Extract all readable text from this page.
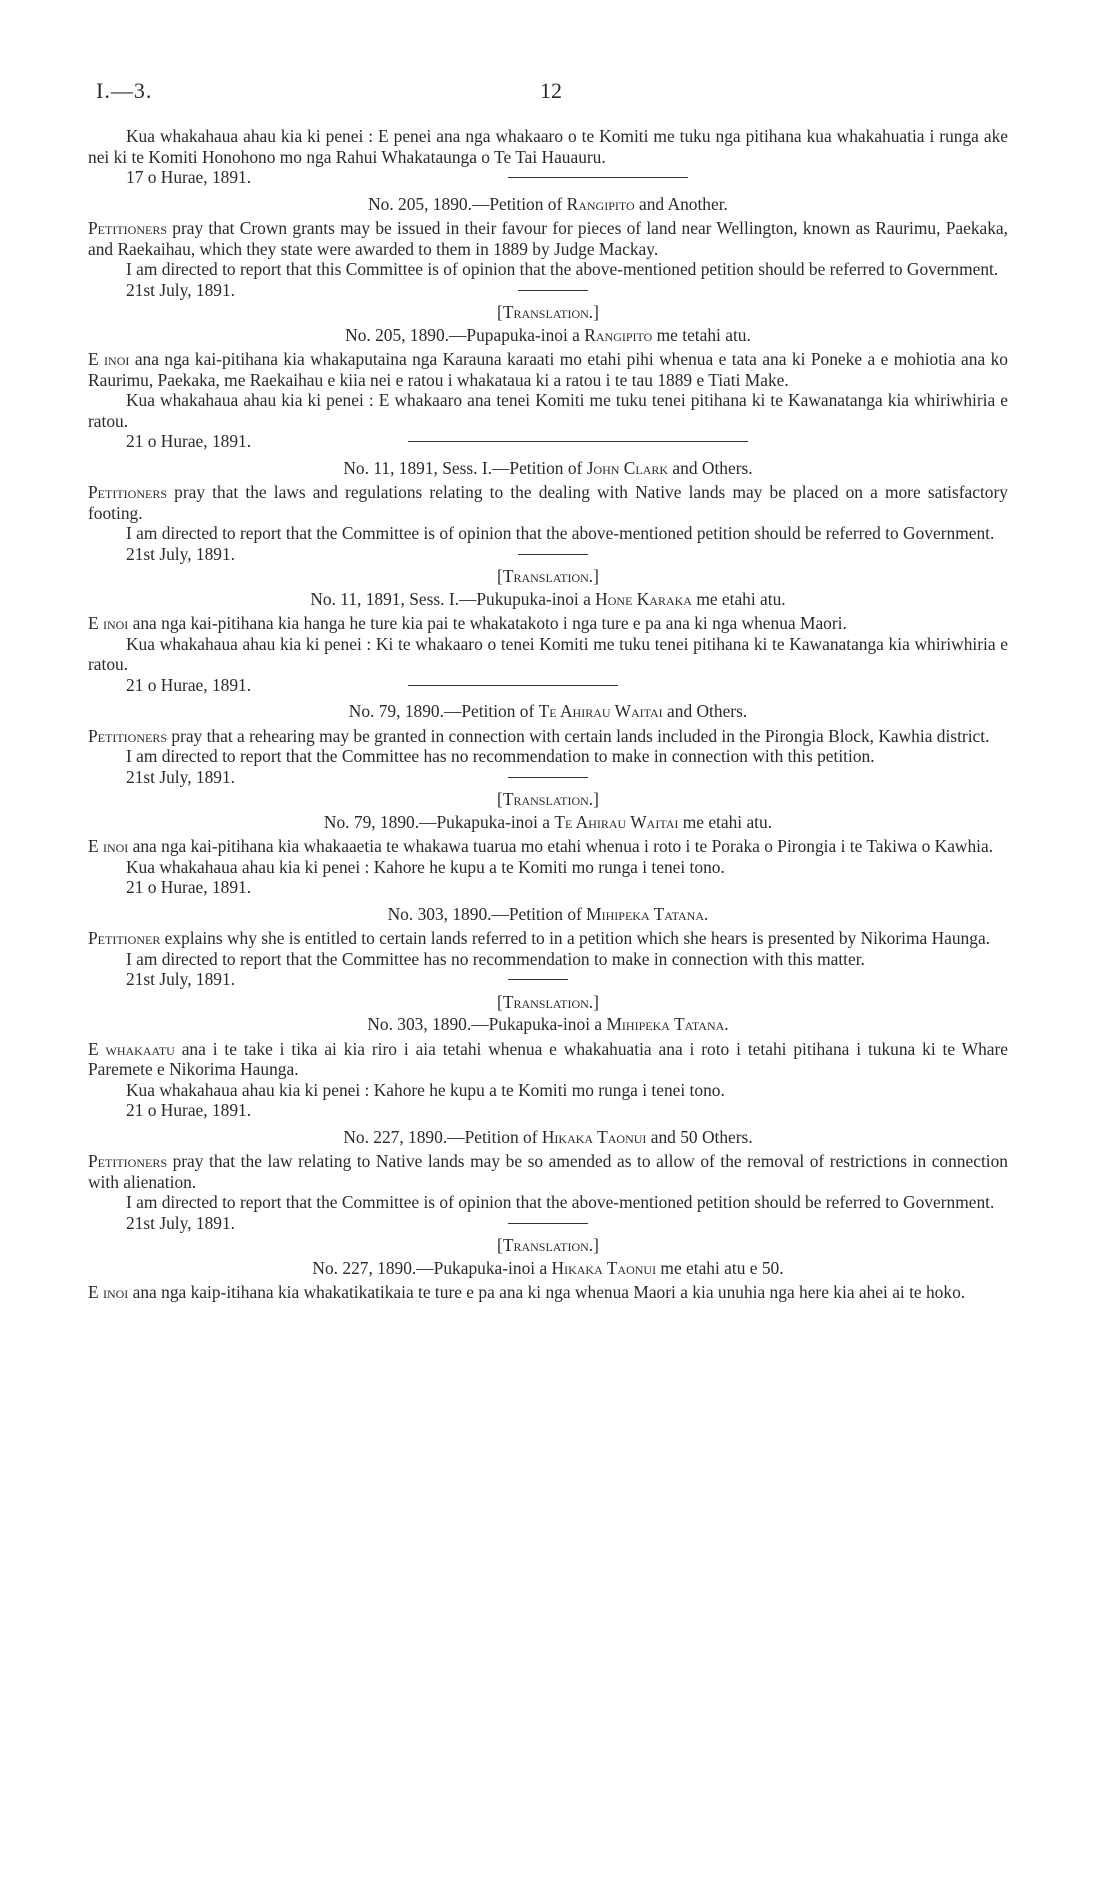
I.—3.	12

Kua whakahaua ahau kia ki penei : E penei ana nga whakaaro o te Komiti me tuku nga pitihana kua whakahuatia i runga ake nei ki te Komiti Honohono mo nga Rahui Whakataunga o Te Tai Hauauru.

17 o Hurae, 1891.

No. 205, 1890.—Petition of Rangipito and Another.

Petitioners pray that Crown grants may be issued in their favour for pieces of land near Wellington, known as Raurimu, Paekaka, and Raekaihau, which they state were awarded to them in 1889 by Judge Mackay.

I am directed to report that this Committee is of opinion that the above-mentioned petition should be referred to Government.

21st July, 1891.

[Translation.]

No. 205, 1890.—Pupapuka-inoi a Rangipito me tetahi atu.

E inoi ana nga kai-pitihana kia whakaputaina nga Karauna karaati mo etahi pihi whenua e tata ana ki Poneke a e mohiotia ana ko Raurimu, Paekaka, me Raekaihau e kiia nei e ratou i whakataua ki a ratou i te tau 1889 e Tiati Make.

Kua whakahaua ahau kia ki penei : E whakaaro ana tenei Komiti me tuku tenei pitihana ki te Kawanatanga kia whiriwhiria e ratou.

21 o Hurae, 1891.

No. 11, 1891, Sess. I.—Petition of John Clark and Others.

Petitioners pray that the laws and regulations relating to the dealing with Native lands may be placed on a more satisfactory footing.

I am directed to report that the Committee is of opinion that the above-mentioned petition should be referred to Government.

21st July, 1891.

[Translation.]

No. 11, 1891, Sess. I.—Pukupuka-inoi a Hone Karaka me etahi atu.

E inoi ana nga kai-pitihana kia hanga he ture kia pai te whakatakoto i nga ture e pa ana ki nga whenua Maori.

Kua whakahaua ahau kia ki penei : Ki te whakaaro o tenei Komiti me tuku tenei pitihana ki te Kawanatanga kia whiriwhiria e ratou.

21 o Hurae, 1891.

No. 79, 1890.—Petition of Te Ahirau Waitai and Others.

Petitioners pray that a rehearing may be granted in connection with certain lands included in the Pirongia Block, Kawhia district.

I am directed to report that the Committee has no recommendation to make in connection with this petition.

21st July, 1891.

[Translation.]

No. 79, 1890.—Pukapuka-inoi a Te Ahirau Waitai me etahi atu.

E inoi ana nga kai-pitihana kia whakaaetia te whakawa tuarua mo etahi whenua i roto i te Poraka o Pirongia i te Takiwa o Kawhia.

Kua whakahaua ahau kia ki penei : Kahore he kupu a te Komiti mo runga i tenei tono.

21 o Hurae, 1891.

No. 303, 1890.—Petition of Mihipeka Tatana.

Petitioner explains why she is entitled to certain lands referred to in a petition which she hears is presented by Nikorima Haunga.

I am directed to report that the Committee has no recommendation to make in connection with this matter.

21st July, 1891.

[Translation.]

No. 303, 1890.—Pukapuka-inoi a Mihipeka Tatana.

E whakaatu ana i te take i tika ai kia riro i aia tetahi whenua e whakahuatia ana i roto i tetahi pitihana i tukuna ki te Whare Paremete e Nikorima Haunga.

Kua whakahaua ahau kia ki penei : Kahore he kupu a te Komiti mo runga i tenei tono.

21 o Hurae, 1891.

No. 227, 1890.—Petition of Hikaka Taonui and 50 Others.

Petitioners pray that the law relating to Native lands may be so amended as to allow of the removal of restrictions in connection with alienation.

I am directed to report that the Committee is of opinion that the above-mentioned petition should be referred to Government.

21st July, 1891.

[Translation.]

No. 227, 1890.—Pukapuka-inoi a Hikaka Taonui me etahi atu e 50.

E inoi ana nga kaip-itihana kia whakatikatikaia te ture e pa ana ki nga whenua Maori a kia unuhia nga here kia ahei ai te hoko.
